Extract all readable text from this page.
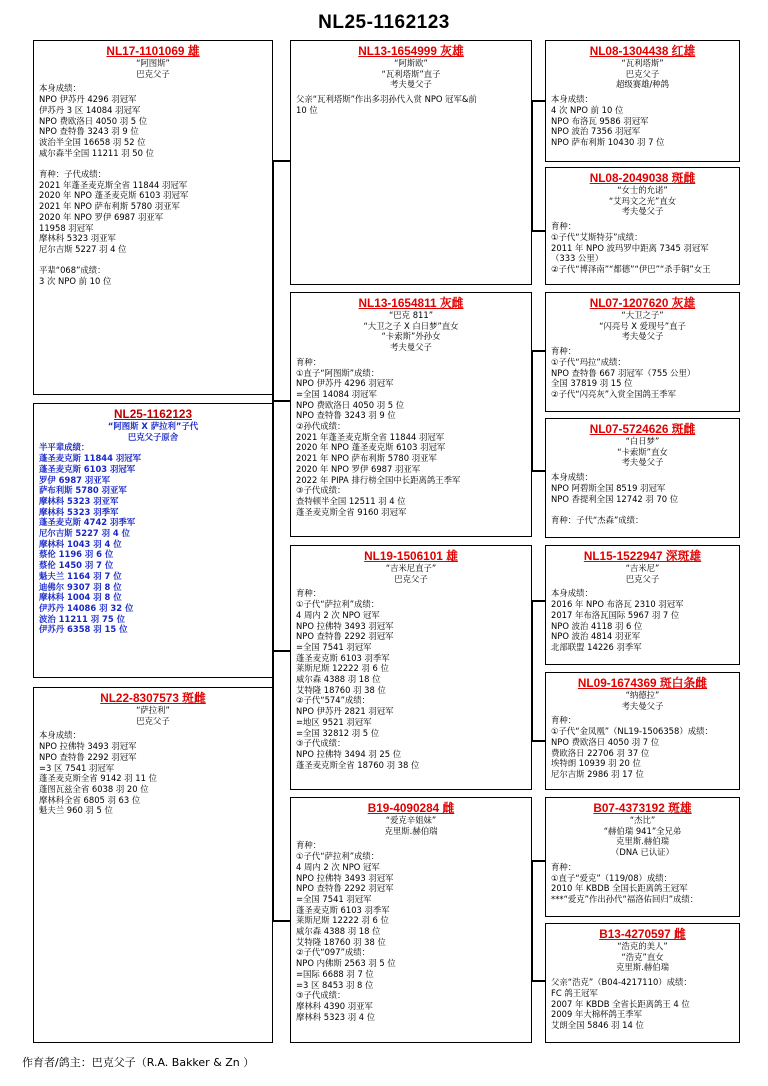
NL25-1162123
NL17-1101069 雄
“阿图斯”
巴克父子
本身成绩：
NPO 伊苏丹 4296 羽冠军
伊苏丹 3 区 14084 羽冠军
NPO 费欧洛日 4050 羽 5 位
NPO 查特鲁 3243 羽 9 位
波治半全国 16658 羽 52 位
威尔森半全国 11211 羽 50 位
育种：子代成绩：
2021 年蓬圣麦克斯全省 11844 羽冠军
2020 年 NPO 蓬圣麦克斯 6103 羽冠军
2021 年 NPO 萨布利斯 5780 羽亚军
2020 年 NPO 罗伊 6987 羽亚军
11958 羽冠军
摩林科 5323 羽亚军
尼尔吉斯 5227 羽 4 位
平辈“068”成绩：
3 次 NPO 前 10 位
NL25-1162123
“阿图斯 X 萨拉利”子代
巴克父子原舍
半平辈成绩：
蓬圣麦克斯 11844 羽冠军
蓬圣麦克斯 6103 羽冠军
罗伊 6987 羽亚军
萨布利斯 5780 羽亚军
摩林科 5323 羽亚军
摩林科 5323 羽季军
蓬圣麦克斯 4742 羽季军
尼尔吉斯 5227 羽 4 位
摩林科 1043 羽 4 位
蔡伦 1196 羽 6 位
蔡伦 1450 羽 7 位
魁夫兰 1164 羽 7 位
迪佛尔 9307 羽 8 位
摩林科 1004 羽 8 位
伊苏丹 14086 羽 32 位
波治 11211 羽 75 位
伊苏丹 6358 羽 15 位
NL22-8307573 斑雌
“萨拉利”
巴克父子
本身成绩：
NPO 拉佛特 3493 羽冠军
NPO 查特鲁 2292 羽冠军
=3 区 7541 羽冠军
蓬圣麦克斯全省 9142 羽 11 位
蓬图瓦兹全省 6038 羽 20 位
摩林科全省 6805 羽 63 位
魁夫兰 960 羽 5 位
NL13-1654999 灰雄
“阿斯欧”
“瓦利塔斯”直子
考夫曼父子
父亲“瓦利塔斯”作出多羽孙代入赏 NPO 冠军&前
10 位
NL13-1654811 灰雌
“巴克 811”
“大卫之子 X 白日梦”直女
“卡索斯”外孙女
考夫曼父子
育种：
①直子“阿图斯”成绩：
NPO 伊苏丹 4296 羽冠军
=全国 14084 羽冠军
NPO 费欧洛日 4050 羽 5 位
NPO 查特鲁 3243 羽 9 位
②孙代成绩：
2021 年蓬圣麦克斯全省 11844 羽冠军
2020 年 NPO 蓬圣麦克斯 6103 羽冠军
2021 年 NPO 萨布利斯 5780 羽亚军
2020 年 NPO 罗伊 6987 羽亚军
2022 年 PIPA 排行榜全国中长距离鸽王季军
③子代成绩：
查特顿半全国 12511 羽 4 位
蓬圣麦克斯全省 9160 羽冠军
NL19-1506101 雄
“吉米尼直子”
巴克父子
育种：
①子代“萨拉利”成绩：
4 周内 2 次 NPO 冠军
NPO 拉佛特 3493 羽冠军
NPO 查特鲁 2292 羽冠军
=全国 7541 羽冠军
蓬圣麦克斯 6103 羽季军
莱斯尼斯 12222 羽 6 位
威尔森 4388 羽 18 位
艾特隆 18760 羽 38 位
②子代“574”成绩：
NPO 伊苏丹 2821 羽冠军
=地区 9521 羽冠军
=全国 32812 羽 5 位
③子代成绩：
NPO 拉佛特 3494 羽 25 位
蓬圣麦克斯全省 18760 羽 38 位
B19-4090284 雌
“爱克辛姐妹”
克里斯.赫伯瑞
育种：
①子代“萨拉利”成绩：
4 周内 2 次 NPO 冠军
NPO 拉佛特 3493 羽冠军
NPO 查特鲁 2292 羽冠军
=全国 7541 羽冠军
蓬圣麦克斯 6103 羽季军
莱斯尼斯 12222 羽 6 位
威尔森 4388 羽 18 位
艾特隆 18760 羽 38 位
②子代“097”成绩：
NPO 内佛斯 2563 羽 5 位
=国际 6688 羽 7 位
=3 区 8453 羽 8 位
③子代成绩：
摩林科 4390 羽亚军
摩林科 5323 羽 4 位
NL08-1304438 红雄
“瓦利塔斯”
巴克父子
超级赛雄/种鸽
本身成绩：
4 次 NPO 前 10 位
NPO 布洛瓦 9586 羽冠军
NPO 波治 7356 羽冠军
NPO 萨布利斯 10430 羽 7 位
NL08-2049038 斑雌
“女士的允诺”
“艾玛文之光”直女
考夫曼父子
育种：
①子代“艾斯特芬”成绩：
2011 年 NPO 波玛罗中距离 7345 羽冠军
（333 公里）
②子代“博泽南”“都德”“伊巴”“杀手铜”女王
NL07-1207620 灰雄
“大卫之子”
“闪亮号 X 爱现号”直子
考夫曼父子
育种：
①子代“玛拉”成绩：
NPO 查特鲁 667 羽冠军（755 公里）
全国 37819 羽 15 位
②子代“闪亮灰”入赏全国鸽王季军
NL07-5724626 斑雌
“白日梦”
“卡索斯”直女
考夫曼父子
本身成绩：
NPO 阿碧斯全国 8519 羽冠军
NPO 香提利全国 12742 羽 70 位
育种：子代“杰森”成绩：
NL15-1522947 深斑雄
“吉米尼”
巴克父子
本身成绩：
2016 年 NPO 布洛瓦 2310 羽冠军
2017 年布洛瓦国际 5967 羽 7 位
NPO 波治 4118 羽 6 位
NPO 波治 4814 羽亚军
北部联盟 14226 羽季军
NL09-1674369 斑白条雌
“纳德拉”
考夫曼父子
育种：
①子代“金凤凰”（NL19-1506358）成绩：
NPO 费欧洛日 4050 羽 7 位
费欧洛日 22706 羽 37 位
埃特朗 10939 羽 20 位
尼尔吉斯 2986 羽 17 位
B07-4373192 斑雄
“杰比”
“赫伯瑞 941”全兄弟
克里斯.赫伯瑞
（DNA 已认证）
育种：
①直子“爱克”（119/08）成绩：
2010 年 KBDB 全国长距离鸽王冠军
***“爱克”作出孙代“福洛佑回归”成绩：
B13-4270597 雌
“浩克的美人”
“浩克”直女
克里斯.赫伯瑞
父亲“浩克”（B04-4217110）成绩：
FC 鸽王冠军
2007 年 KBDB 全省长距离鸽王 4 位
2009 年大棉杯鸽王季军
艾朗全国 5846 羽 14 位
作育者/鸽主：巴克父子（R.A. Bakker & Zn ）
